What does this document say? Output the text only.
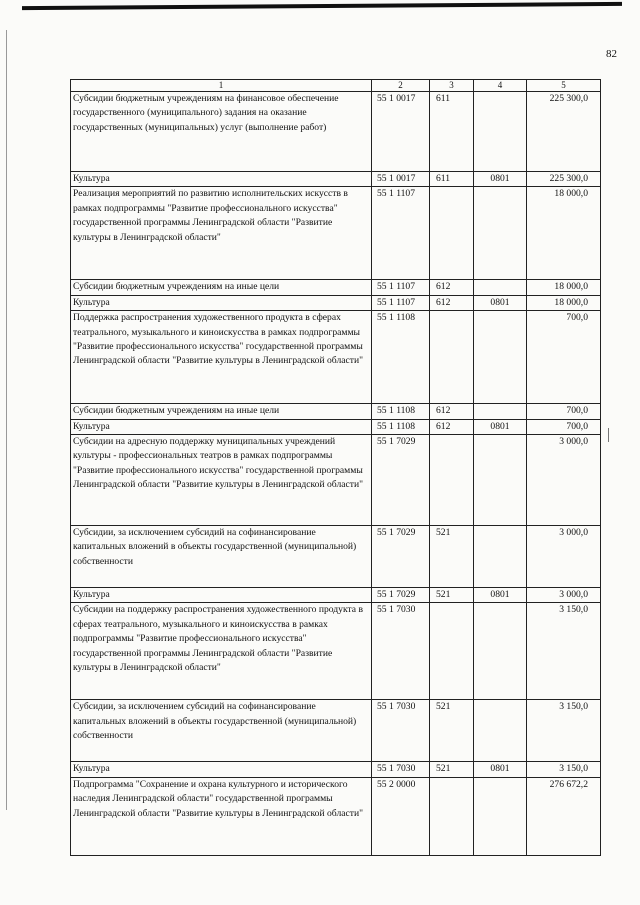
82
1	2	3	4	5
Субсидии бюджетным учреждениям на финансовое обеспечение государственного (муниципального) задания на оказание государственных (муниципальных) услуг (выполнение работ)	55 1 0017	611		225 300,0
Культура	55 1 0017	611	0801	225 300,0
Реализация мероприятий по развитию исполнительских искусств в рамках подпрограммы "Развитие профессионального искусства" государственной программы Ленинградской области "Развитие культуры в Ленинградской области"	55 1 1107			18 000,0
Субсидии бюджетным учреждениям на иные цели	55 1 1107	612		18 000,0
Культура	55 1 1107	612	0801	18 000,0
Поддержка распространения художественного продукта в сферах театрального, музыкального и киноискусства в рамках подпрограммы "Развитие профессионального искусства" государственной программы Ленинградской области "Развитие культуры в Ленинградской области"	55 1 1108			700,0
Субсидии бюджетным учреждениям на иные цели	55 1 1108	612		700,0
Культура	55 1 1108	612	0801	700,0
Субсидии на адресную поддержку муниципальных учреждений культуры - профессиональных театров в рамках подпрограммы "Развитие профессионального искусства" государственной программы Ленинградской области "Развитие культуры в Ленинградской области"	55 1 7029			3 000,0
Субсидии, за исключением субсидий на софинансирование капитальных вложений в объекты государственной (муниципальной) собственности	55 1 7029	521		3 000,0
Культура	55 1 7029	521	0801	3 000,0
Субсидии на поддержку распространения художественного продукта в сферах театрального, музыкального и киноискусства в рамках подпрограммы "Развитие профессионального искусства" государственной программы Ленинградской области "Развитие культуры в Ленинградской области"	55 1 7030			3 150,0
Субсидии, за исключением субсидий на софинансирование капитальных вложений в объекты государственной (муниципальной) собственности	55 1 7030	521		3 150,0
Культура	55 1 7030	521	0801	3 150,0
Подпрограмма "Сохранение и охрана культурного и исторического наследия Ленинградской области" государственной программы Ленинградской области "Развитие культуры в Ленинградской области"	55 2 0000			276 672,2
